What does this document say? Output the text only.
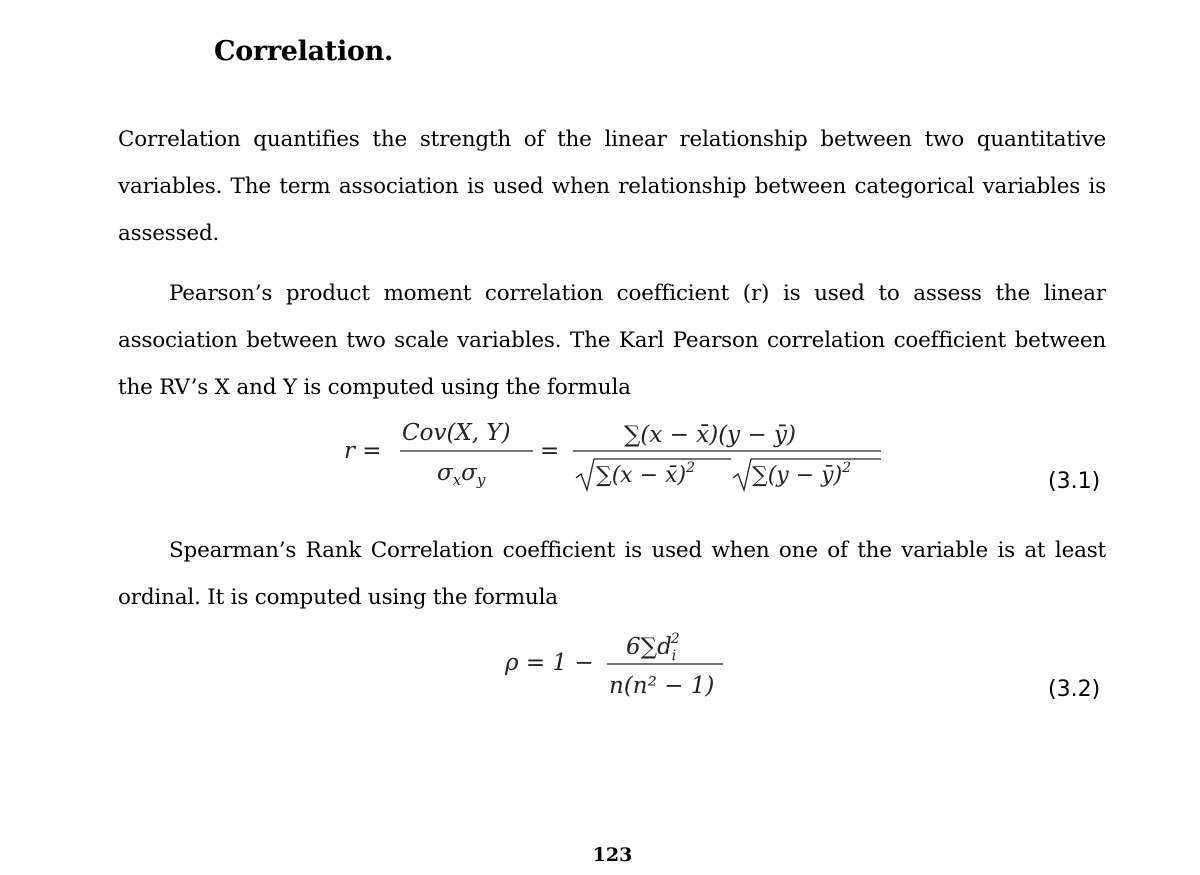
Correlation.

Correlation quantifies the strength of the linear relationship between two quantitative variables. The term association is used when relationship between categorical variables is assessed.

Pearson’s product moment correlation coefficient (r) is used to assess the linear association between two scale variables. The Karl Pearson correlation coefficient between the RV’s X and Y is computed using the formula

r =
Cov(X, Y)
$\sigma_x\sigma_y$
=
∑(x − x̄)(y − ȳ)
∑(x − x̄)$^2$	∑(y − ȳ)$^2$
(3.1)

Spearman’s Rank Correlation coefficient is used when one of the variable is at least ordinal. It is computed using the formula

ρ = 1 −
6∑d2 i
n(n² − 1)	(3.2)
123
